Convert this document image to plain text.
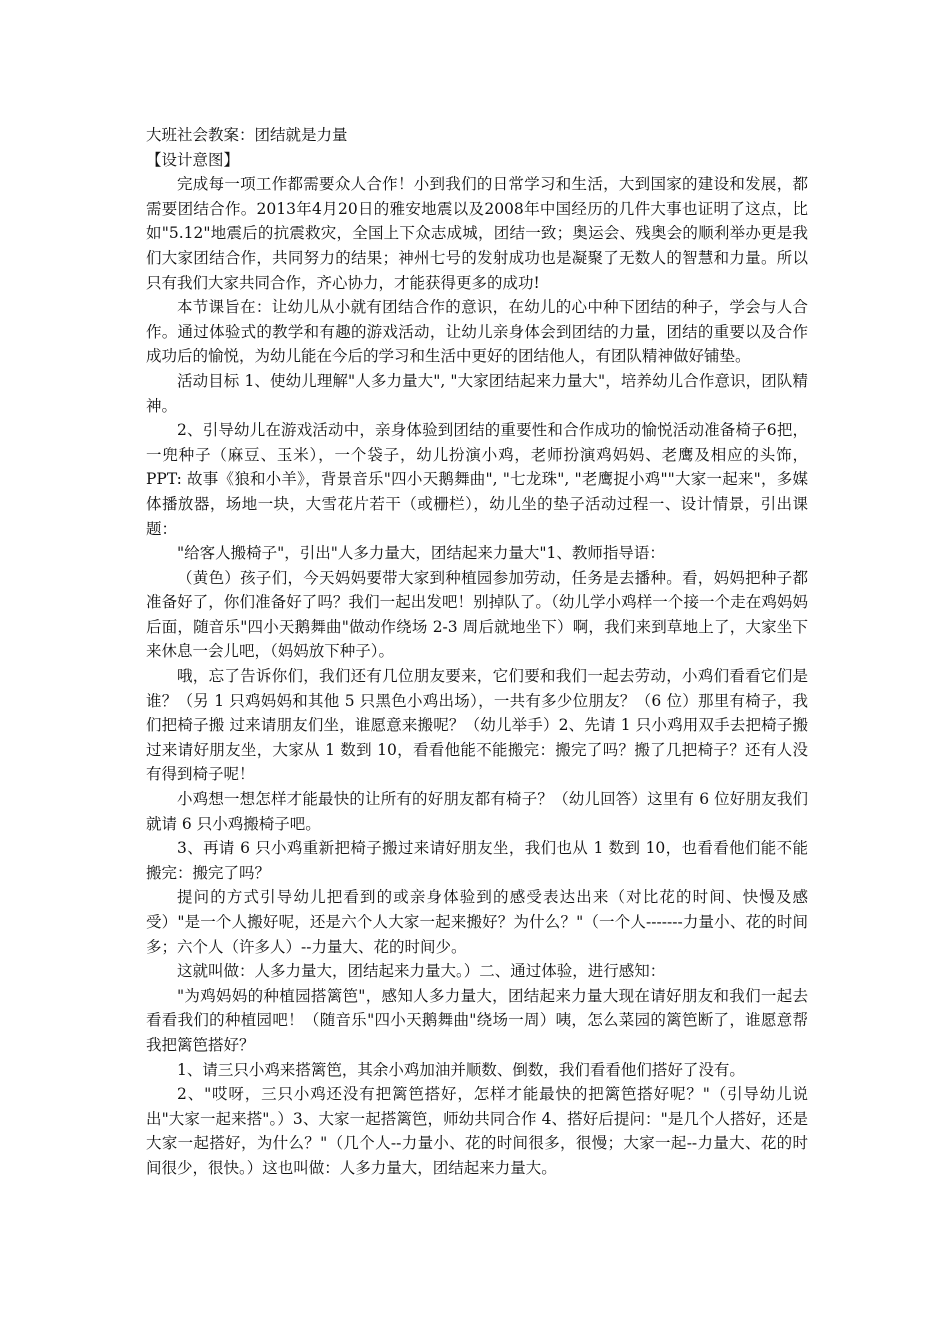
大班社会教案：团结就是力量
【设计意图】

完成每一项工作都需要众人合作！小到我们的日常学习和生活，大到国家的建设和发展，都需要团结合作。2013年4月20日的雅安地震以及2008年中国经历的几件大事也证明了这点，比如"5.12"地震后的抗震救灾，全国上下众志成城，团结一致；奥运会、残奥会的顺利举办更是我们大家团结合作，共同努力的结果；神州七号的发射成功也是凝聚了无数人的智慧和力量。所以只有我们大家共同合作，齐心协力，才能获得更多的成功!

本节课旨在：让幼儿从小就有团结合作的意识，在幼儿的心中种下团结的种子，学会与人合作。通过体验式的教学和有趣的游戏活动，让幼儿亲身体会到团结的力量，团结的重要以及合作成功后的愉悦，为幼儿能在今后的学习和生活中更好的团结他人，有团队精神做好铺垫。

活动目标 1、使幼儿理解"人多力量大", "大家团结起来力量大"，培养幼儿合作意识，团队精神。

2、引导幼儿在游戏活动中，亲身体验到团结的重要性和合作成功的愉悦活动准备椅子6把，一兜种子（麻豆、玉米），一个袋子，幼儿扮演小鸡，老师扮演鸡妈妈、老鹰及相应的头饰，PPT: 故事《狼和小羊》，背景音乐"四小天鹅舞曲", "七龙珠", "老鹰捉小鸡""大家一起来"，多媒体播放器，场地一块，大雪花片若干（或栅栏），幼儿坐的垫子活动过程一、设计情景，引出课题：

"给客人搬椅子"，引出"人多力量大，团结起来力量大"1、教师指导语：

（黄色）孩子们，今天妈妈要带大家到种植园参加劳动，任务是去播种。看，妈妈把种子都准备好了，你们准备好了吗？我们一起出发吧！别掉队了。（幼儿学小鸡样一个接一个走在鸡妈妈后面，随音乐"四小天鹅舞曲"做动作绕场 2-3 周后就地坐下）啊，我们来到草地上了，大家坐下来休息一会儿吧，（妈妈放下种子）。

哦，忘了告诉你们，我们还有几位朋友要来，它们要和我们一起去劳动，小鸡们看看它们是谁？（另 1 只鸡妈妈和其他 5 只黑色小鸡出场），一共有多少位朋友？（6 位）那里有椅子，我们把椅子搬 过来请朋友们坐，谁愿意来搬呢？（幼儿举手）2、先请 1 只小鸡用双手去把椅子搬过来请好朋友坐，大家从 1 数到 10，看看他能不能搬完：搬完了吗？搬了几把椅子？还有人没有得到椅子呢！

小鸡想一想怎样才能最快的让所有的好朋友都有椅子？（幼儿回答）这里有 6 位好朋友我们就请 6 只小鸡搬椅子吧。

3、再请 6 只小鸡重新把椅子搬过来请好朋友坐，我们也从 1 数到 10，也看看他们能不能搬完：搬完了吗？

提问的方式引导幼儿把看到的或亲身体验到的感受表达出来（对比花的时间、快慢及感受）"是一个人搬好呢，还是六个人大家一起来搬好？为什么？"（一个人-------力量小、花的时间多；六个人（许多人）--力量大、花的时间少。

这就叫做：人多力量大，团结起来力量大。）二、通过体验，进行感知：

"为鸡妈妈的种植园搭篱笆"，感知人多力量大，团结起来力量大现在请好朋友和我们一起去看看我们的种植园吧！（随音乐"四小天鹅舞曲"绕场一周）咦，怎么菜园的篱笆断了，谁愿意帮我把篱笆搭好？

1、请三只小鸡来搭篱笆，其余小鸡加油并顺数、倒数，我们看看他们搭好了没有。

2、"哎呀，三只小鸡还没有把篱笆搭好，怎样才能最快的把篱笆搭好呢？"（引导幼儿说出"大家一起来搭"。）3、大家一起搭篱笆，师幼共同合作 4、搭好后提问："是几个人搭好，还是大家一起搭好，为什么？"（几个人--力量小、花的时间很多，很慢；大家一起--力量大、花的时间很少，很快。）这也叫做：人多力量大，团结起来力量大。
